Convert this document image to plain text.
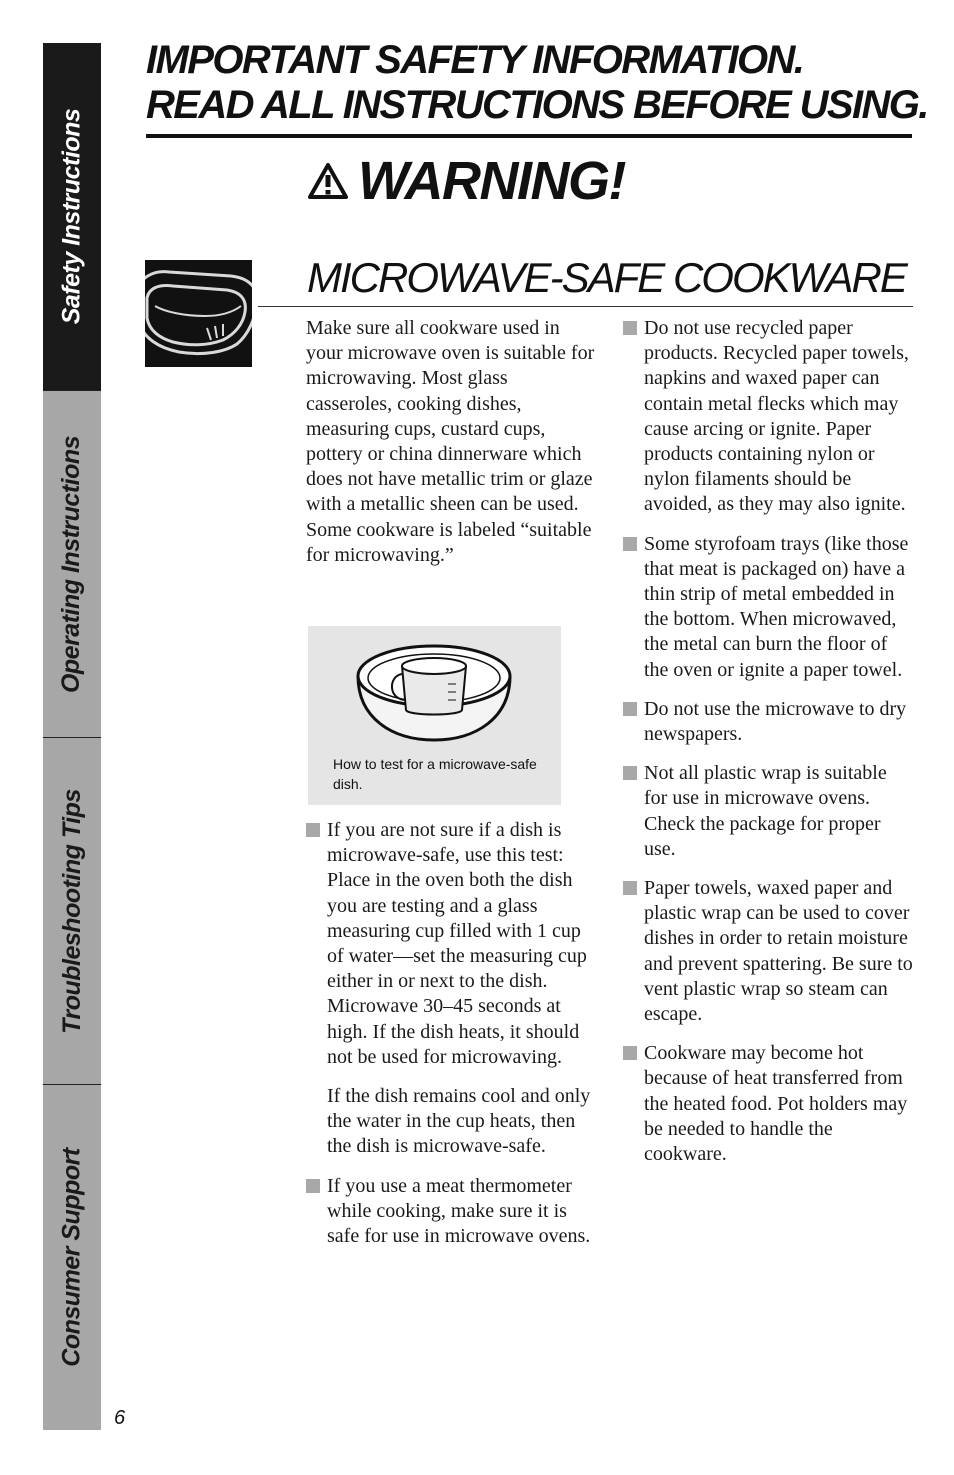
Safety Instructions
Operating Instructions
Troubleshooting Tips
Consumer Support
IMPORTANT SAFETY INFORMATION.
READ ALL INSTRUCTIONS BEFORE USING.
WARNING!
MICROWAVE-SAFE COOKWARE

Make sure all cookware used in your microwave oven is suitable for microwaving. Most glass casseroles, cooking dishes, measuring cups, custard cups, pottery or china dinnerware which does not have metallic trim or glaze with a metallic sheen can be used. Some cookware is labeled “suitable for microwaving.”

How to test for a microwave-safe dish.
If you are not sure if a dish is microwave-safe, use this test: Place in the oven both the dish you are testing and a glass measuring cup filled with 1 cup of water—set the measuring cup either in or next to the dish. Microwave 30–45 seconds at high. If the dish heats, it should not be used for microwaving.

If the dish remains cool and only the water in the cup heats, then the dish is microwave-safe.

If you use a meat thermometer while cooking, make sure it is safe for use in microwave ovens.
Do not use recycled paper products. Recycled paper towels, napkins and waxed paper can contain metal flecks which may cause arcing or ignite. Paper products containing nylon or nylon filaments should be avoided, as they may also ignite.
Some styrofoam trays (like those that meat is packaged on) have a thin strip of metal embedded in the bottom. When microwaved, the metal can burn the floor of the oven or ignite a paper towel.
Do not use the microwave to dry newspapers.
Not all plastic wrap is suitable for use in microwave ovens. Check the package for proper use.
Paper towels, waxed paper and plastic wrap can be used to cover dishes in order to retain moisture and prevent spattering. Be sure to vent plastic wrap so steam can escape.
Cookware may become hot because of heat transferred from the heated food. Pot holders may be needed to handle the cookware.
6
